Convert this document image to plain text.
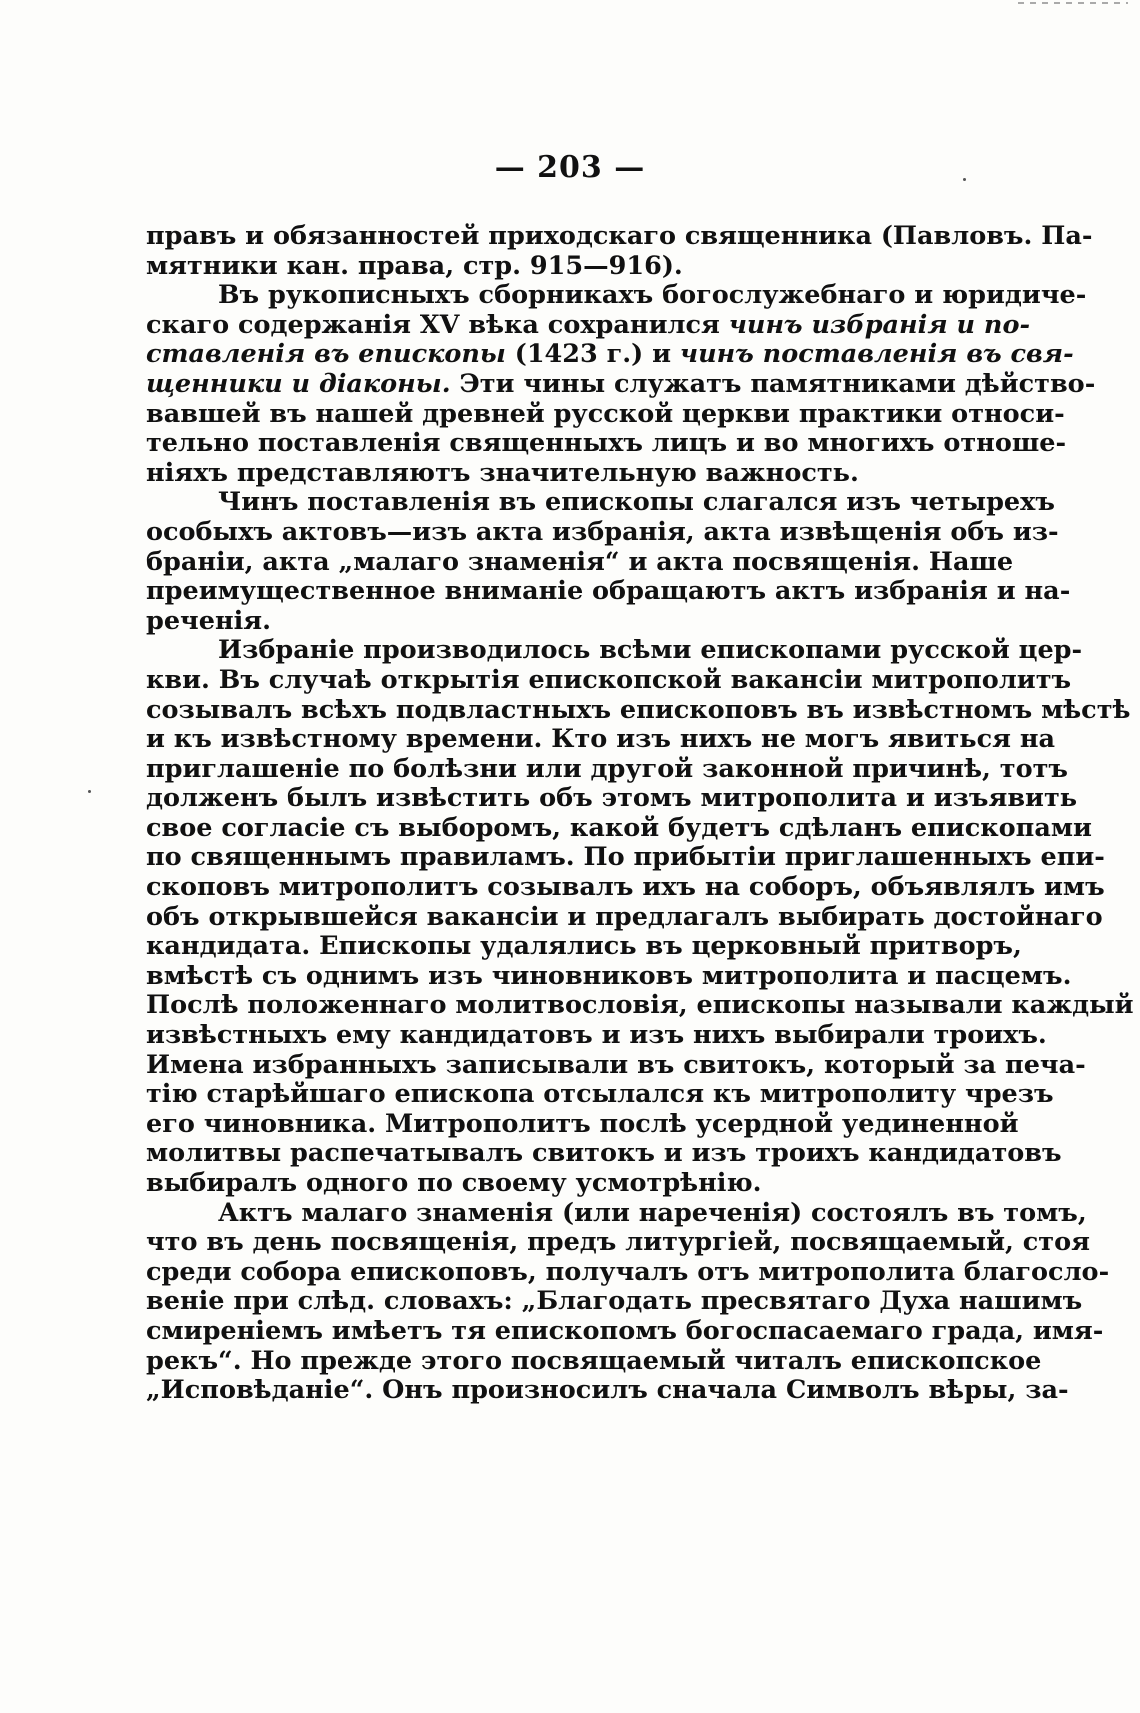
— 203 —
правъ и обязанностей приходскаго священника (Павловъ. Па-
мятники кан. права, стр. 915—916).
Въ рукописныхъ сборникахъ богослужебнаго и юридиче-
скаго содержанія XV вѣка сохранился чинъ избранія и по-
ставленія въ епископы (1423 г.) и чинъ поставленія въ свя-
щенники и діаконы. Эти чины служатъ памятниками дѣйство-
вавшей въ нашей древней русской церкви практики относи-
тельно поставленія священныхъ лицъ и во многихъ отноше-
ніяхъ представляютъ значительную важность.
Чинъ поставленія въ епископы слагался изъ четырехъ
особыхъ актовъ—изъ акта избранія, акта извѣщенія объ из-
браніи, акта „малаго знаменія“ и акта посвященія. Наше
преимущественное вниманіе обращаютъ актъ избранія и на-
реченія.
Избраніе производилось всѣми епископами русской цер-
кви. Въ случаѣ открытія епископской вакансіи митрополитъ
созывалъ всѣхъ подвластныхъ епископовъ въ извѣстномъ мѣстѣ
и къ извѣстному времени. Кто изъ нихъ не могъ явиться на
приглашеніе по болѣзни или другой законной причинѣ, тотъ
долженъ былъ извѣстить объ этомъ митрополита и изъявить
свое согласіе съ выборомъ, какой будетъ сдѣланъ епископами
по священнымъ правиламъ. По прибытіи приглашенныхъ епи-
скоповъ митрополитъ созывалъ ихъ на соборъ, объявлялъ имъ
объ открывшейся вакансіи и предлагалъ выбирать достойнаго
кандидата. Епископы удалялись въ церковный притворъ,
вмѣстѣ съ однимъ изъ чиновниковъ митрополита и пасцемъ.
Послѣ положеннаго молитвословія, епископы называли каждый
извѣстныхъ ему кандидатовъ и изъ нихъ выбирали троихъ.
Имена избранныхъ записывали въ свитокъ, который за печа-
тію старѣйшаго епископа отсылался къ митрополиту чрезъ
его чиновника. Митрополитъ послѣ усердной уединенной
молитвы распечатывалъ свитокъ и изъ троихъ кандидатовъ
выбиралъ одного по своему усмотрѣнію.
Актъ малаго знаменія (или нареченія) состоялъ въ томъ,
что въ день посвященія, предъ литургіей, посвящаемый, стоя
среди собора епископовъ, получалъ отъ митрополита благосло-
веніе при слѣд. словахъ: „Благодать пресвятаго Духа нашимъ
смиреніемъ имѣетъ тя епископомъ богоспасаемаго града, имя-
рекъ“. Но прежде этого посвящаемый читалъ епископское
„Исповѣданіе“. Онъ произносилъ сначала Символъ вѣры, за-
